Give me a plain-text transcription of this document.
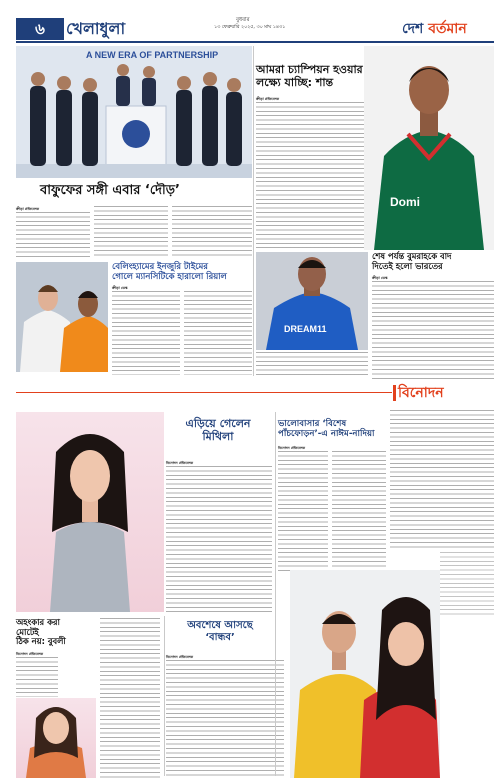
৬	খেলাধুলা	বুধবার
১৩ ফেব্রুয়ারি ২০২৫, ৩০ মাঘ ১৪৩১	দেশ বর্তমান
A NEW ERA OF PARTNERSHIP
আমরা চ্যাম্পিয়ন হওয়ার
লক্ষ্যে যাচ্ছি: শান্ত
ক্রীড়া প্রতিবেদক
Domi
বাফুফের সঙ্গী এবার ‘দৌড়’
ক্রীড়া প্রতিবেদক
DREAM11
শেষ পর্যন্ত বুমরাহকে বাদ
দিতেই হলো ভারতের
ক্রীড়া ডেস্ক
বেলিংহ্যামের ইনজুরি টাইমের
গোলে ম্যানসিটিকে হারালো রিয়াল
ক্রীড়া ডেস্ক
বিনোদন
এড়িয়ে গেলেন
মিথিলা
বিনোদন প্রতিবেদক
ভালোবাসার ‘বিশেষ
পাঁচফোড়ন’-এ নাঈম-নাদিয়া
বিনোদন প্রতিবেদক
অহংকার করা
মোটেই
ঠিক নয়: বুবলী
বিনোদন প্রতিবেদক
অবশেষে আসছে
‘বান্ধব’
বিনোদন প্রতিবেদক
